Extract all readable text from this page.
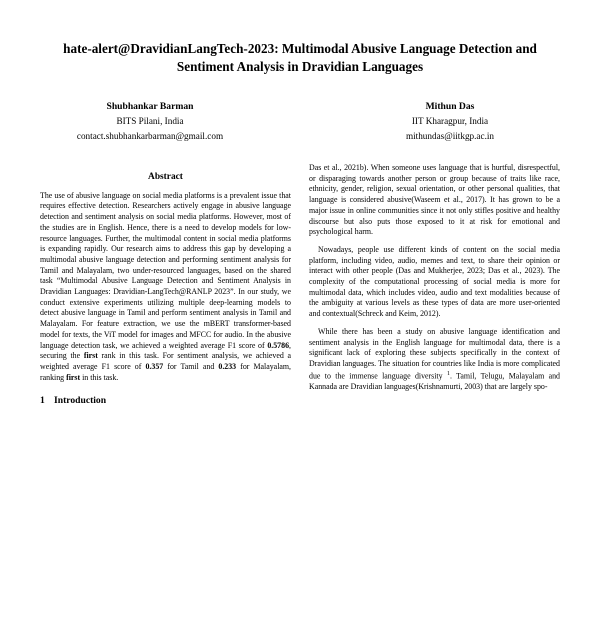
hate-alert@DravidianLangTech-2023: Multimodal Abusive Language Detection and Sentiment Analysis in Dravidian Languages
Shubhankar Barman
BITS Pilani, India
contact.shubhankarbarman@gmail.com
Mithun Das
IIT Kharagpur, India
mithundas@iitkgp.ac.in
Abstract

The use of abusive language on social media platforms is a prevalent issue that requires effective detection. Researchers actively engage in abusive language detection and sentiment analysis on social media platforms. However, most of the studies are in English. Hence, there is a need to develop models for low-resource languages. Further, the multimodal content in social media platforms is expanding rapidly. Our research aims to address this gap by developing a multimodal abusive language detection and performing sentiment analysis for Tamil and Malayalam, two under-resourced languages, based on the shared task “Multimodal Abusive Language Detection and Sentiment Analysis in Dravidian Languages: Dravidian-LangTech@RANLP 2023”. In our study, we conduct extensive experiments utilizing multiple deep-learning models to detect abusive language in Tamil and perform sentiment analysis in Tamil and Malayalam. For feature extraction, we use the mBERT transformer-based model for texts, the ViT model for images and MFCC for audio. In the abusive language detection task, we achieved a weighted average F1 score of 0.5786, securing the first rank in this task. For sentiment analysis, we achieved a weighted average F1 score of 0.357 for Tamil and 0.233 for Malayalam, ranking first in this task.

1 Introduction

Das et al., 2021b). When someone uses language that is hurtful, disrespectful, or disparaging towards another person or group because of traits like race, ethnicity, gender, religion, sexual orientation, or other personal qualities, that language is considered abusive(Waseem et al., 2017). It has grown to be a major issue in online communities since it not only stifles positive and healthy discourse but also puts those exposed to it at risk for emotional and psychological harm.

Nowadays, people use different kinds of content on the social media platform, including video, audio, memes and text, to share their opinion or interact with other people (Das and Mukherjee, 2023; Das et al., 2023). The complexity of the computational processing of social media is more for multimodal data, which includes video, audio and text modalities because of the ambiguity at various levels as these types of data are more user-oriented and contextual(Schreck and Keim, 2012).

While there has been a study on abusive language identification and sentiment analysis in the English language for multimodal data, there is a significant lack of exploring these subjects specifically in the context of Dravidian languages. The situation for countries like India is more complicated due to the immense language diversity $^1$. Tamil, Telugu, Malayalam and Kannada are Dravidian languages(Krishnamurti, 2003) that are largely spo-
